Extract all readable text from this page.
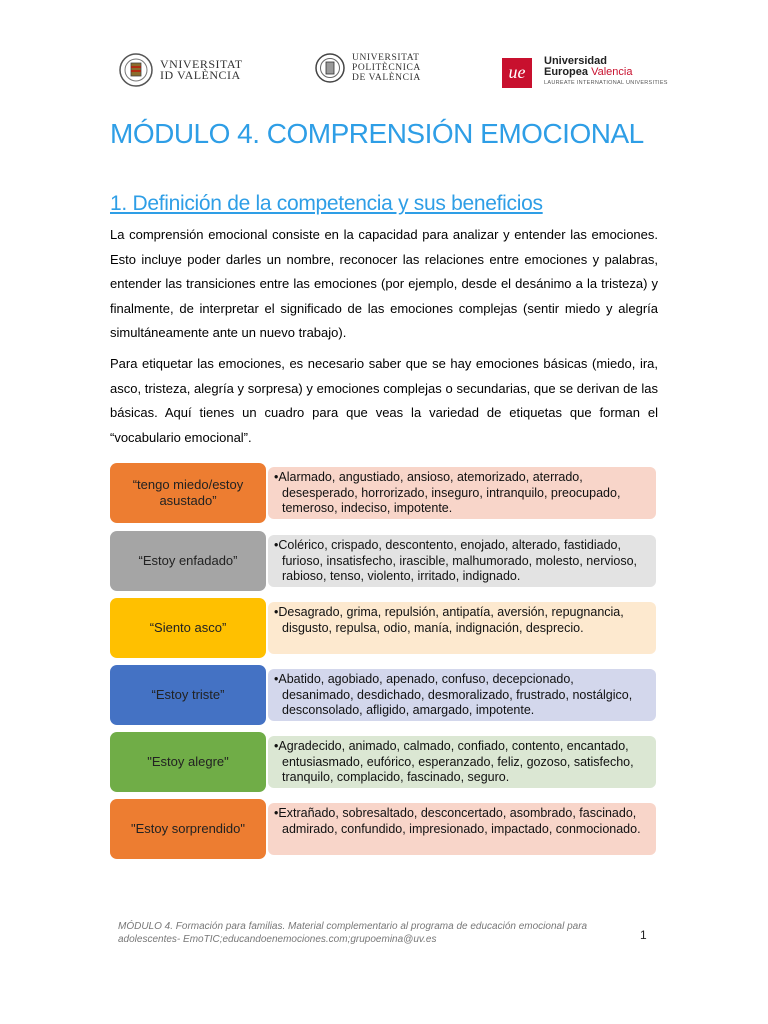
VNIVERSITAT
ID VALÈNCIA
UNIVERSITAT
POLITÈCNICA
DE VALÈNCIA	ue
Universidad
Europea Valencia
LAUREATE INTERNATIONAL UNIVERSITIES
MÓDULO 4. COMPRENSIÓN EMOCIONAL
1. Definición de la competencia y sus beneficios

La comprensión emocional consiste en la capacidad para analizar y entender las emociones. Esto incluye poder darles un nombre, reconocer las relaciones entre emociones y palabras, entender las transiciones entre las emociones (por ejemplo, desde el desánimo a la tristeza) y finalmente, de interpretar el significado de las emociones complejas (sentir miedo y alegría simultáneamente ante un nuevo trabajo).

Para etiquetar las emociones, es necesario saber que se hay emociones básicas (miedo, ira, asco, tristeza, alegría y sorpresa) y emociones complejas o secundarias, que se derivan de las básicas. Aquí tienes un cuadro para que veas la variedad de etiquetas que forman el “vocabulario emocional”.

“tengo miedo/estoy asustado”
•Alarmado, angustiado, ansioso, atemorizado, aterrado, desesperado, horrorizado, inseguro, intranquilo, preocupado, temeroso, indeciso, impotente.
“Estoy enfadado”
•Colérico, crispado, descontento, enojado, alterado, fastidiado, furioso, insatisfecho, irascible, malhumorado, molesto, nervioso, rabioso, tenso, violento, irritado, indignado.
“Siento asco”
•Desagrado, grima, repulsión, antipatía, aversión, repugnancia, disgusto, repulsa, odio, manía, indignación, desprecio.
“Estoy triste”
•Abatido, agobiado, apenado, confuso, decepcionado, desanimado, desdichado, desmoralizado, frustrado, nostálgico, desconsolado, afligido, amargado, impotente.
"Estoy alegre"
•Agradecido, animado, calmado, confiado, contento, encantado, entusiasmado, eufórico, esperanzado, feliz, gozoso, satisfecho, tranquilo, complacido, fascinado, seguro.
"Estoy sorprendido"
•Extrañado, sobresaltado, desconcertado, asombrado, fascinado, admirado, confundido, impresionado, impactado, conmocionado.
MÓDULO 4. Formación para familias. Material complementario al programa de educación emocional para adolescentes- EmoTIC;educandoenemociones.com;grupoemina@uv.es	1
